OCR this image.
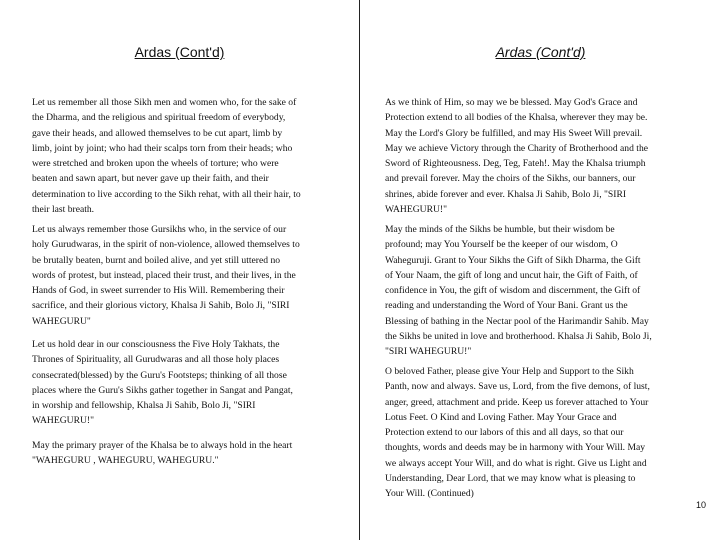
Ardas (Cont'd)

Let us remember all those Sikh men and women who, for the sake of
the Dharma, and the religious and spiritual freedom of everybody,
gave their heads, and allowed themselves to be cut apart, limb by
limb, joint by joint; who had their scalps torn from their heads; who
were stretched and broken upon the wheels of torture; who were
beaten and sawn apart, but never gave up their faith, and their
determination to live according to the Sikh rehat, with all their hair, to
their last breath.

Let us always remember those Gursikhs who, in the service of our
holy Gurudwaras, in the spirit of non-violence, allowed themselves to
be brutally beaten, burnt and boiled alive, and yet still uttered no
words of protest, but instead, placed their trust, and their lives, in the
Hands of God, in sweet surrender to His Will. Remembering their
sacrifice, and their glorious victory, Khalsa Ji Sahib, Bolo Ji, "SIRI
WAHEGURU"

Let us hold dear in our consciousness the Five Holy Takhats, the
Thrones of Spirituality, all Gurudwaras and all those holy places
consecrated(blessed) by the Guru's Footsteps; thinking of all those
places where the Guru's Sikhs gather together in Sangat and Pangat,
in worship and fellowship, Khalsa Ji Sahib, Bolo Ji, "SIRI
WAHEGURU!"

May the primary prayer of the Khalsa be to always hold in the heart
"WAHEGURU , WAHEGURU, WAHEGURU."

Ardas (Cont'd)

As we think of Him, so may we be blessed. May God's Grace and
Protection extend to all bodies of the Khalsa, wherever they may be.
May the Lord's Glory be fulfilled, and may His Sweet Will prevail.
May we achieve Victory through the Charity of Brotherhood and the
Sword of Righteousness. Deg, Teg, Fateh!. May the Khalsa triumph
and prevail forever. May the choirs of the Sikhs, our banners, our
shrines, abide forever and ever. Khalsa Ji Sahib, Bolo Ji, "SIRI
WAHEGURU!"

May the minds of the Sikhs be humble, but their wisdom be
profound; may You Yourself be the keeper of our wisdom, O
Waheguruji. Grant to Your Sikhs the Gift of Sikh Dharma, the Gift
of Your Naam, the gift of long and uncut hair, the Gift of Faith, of
confidence in You, the gift of wisdom and discernment, the Gift of
reading and understanding the Word of Your Bani. Grant us the
Blessing of bathing in the Nectar pool of the Harimandir Sahib. May
the Sikhs be united in love and brotherhood. Khalsa Ji Sahib, Bolo Ji,
"SIRI WAHEGURU!"

O beloved Father, please give Your Help and Support to the Sikh
Panth, now and always. Save us, Lord, from the five demons, of lust,
anger, greed, attachment and pride. Keep us forever attached to Your
Lotus Feet. O Kind and Loving Father. May Your Grace and
Protection extend to our labors of this and all days, so that our
thoughts, words and deeds may be in harmony with Your Will. May
we always accept Your Will, and do what is right. Give us Light and
Understanding, Dear Lord, that we may know what is pleasing to
Your Will. (Continued)

10
